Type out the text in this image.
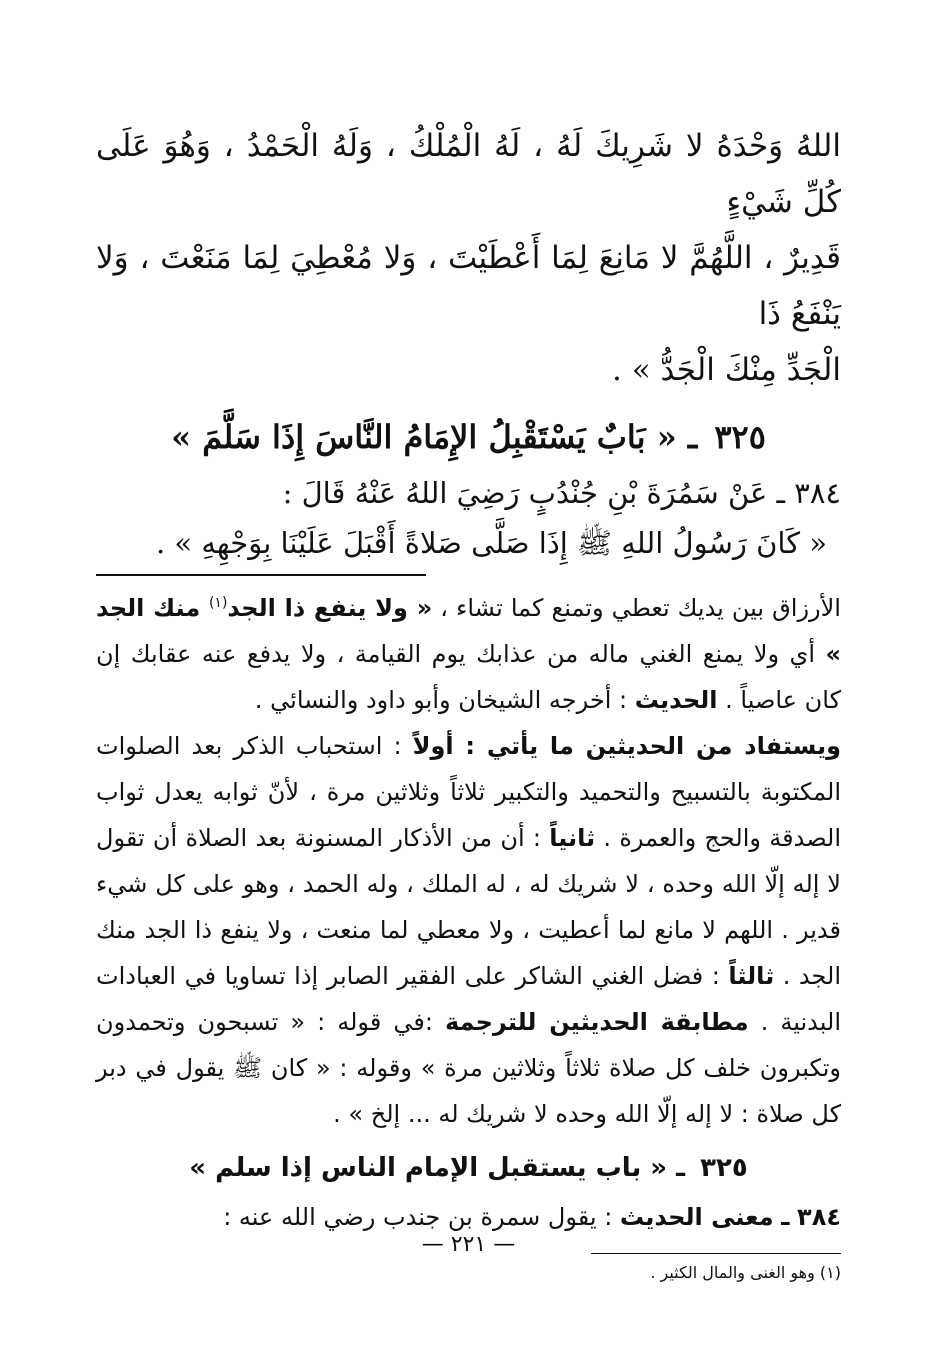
اللهُ وَحْدَهُ لا شَرِيكَ لَهُ ، لَهُ الْمُلْكُ ، وَلَهُ الْحَمْدُ ، وَهُوَ عَلَى كُلِّ شَيْءٍ

قَدِيرٌ ، اللَّهُمَّ لا مَانِعَ لِمَا أَعْطَيْتَ ، وَلا مُعْطِيَ لِمَا مَنَعْتَ ، وَلا يَنْفَعُ ذَا

الْجَدِّ مِنْكَ الْجَدُّ » .

٣٢٥ ـ « بَابٌ يَسْتَقْبِلُ الإِمَامُ النَّاسَ إِذَا سَلَّمَ »

٣٨٤ ـ عَنْ سَمُرَةَ بْنِ جُنْدُبٍ رَضِيَ اللهُ عَنْهُ قَالَ :

« كَانَ رَسُولُ اللهِ ﷺ إِذَا صَلَّى صَلاةً أَقْبَلَ عَلَيْنَا بِوَجْهِهِ » .

الأرزاق بين يديك تعطي وتمنع كما تشاء ، « ولا ينفع ذا الجد$^{(١)}$ منك الجد » أي ولا يمنع الغني ماله من عذابك يوم القيامة ، ولا يدفع عنه عقابك إن كان عاصياً . الحديث : أخرجه الشيخان وأبو داود والنسائي .

ويستفاد من الحديثين ما يأتي : أولاً : استحباب الذكر بعد الصلوات المكتوبة بالتسبيح والتحميد والتكبير ثلاثاً وثلاثين مرة ، لأنّ ثوابه يعدل ثواب الصدقة والحج والعمرة . ثانياً : أن من الأذكار المسنونة بعد الصلاة أن تقول لا إله إلّا الله وحده ، لا شريك له ، له الملك ، وله الحمد ، وهو على كل شيء قدير . اللهم لا مانع لما أعطيت ، ولا معطي لما منعت ، ولا ينفع ذا الجد منك الجد . ثالثاً : فضل الغني الشاكر على الفقير الصابر إذا تساويا في العبادات البدنية . مطابقة الحديثين للترجمة :في قوله : « تسبحون وتحمدون وتكبرون خلف كل صلاة ثلاثاً وثلاثين مرة » وقوله : « كان ﷺ يقول في دبر كل صلاة : لا إله إلّا الله وحده لا شريك له ... إلخ » .

٣٢٥ ـ « باب يستقبل الإمام الناس إذا سلم »

٣٨٤ ـ معنى الحديث : يقول سمرة بن جندب رضي الله عنه :

(١) وهو الغنى والمال الكثير .

— ٢٢١ —
